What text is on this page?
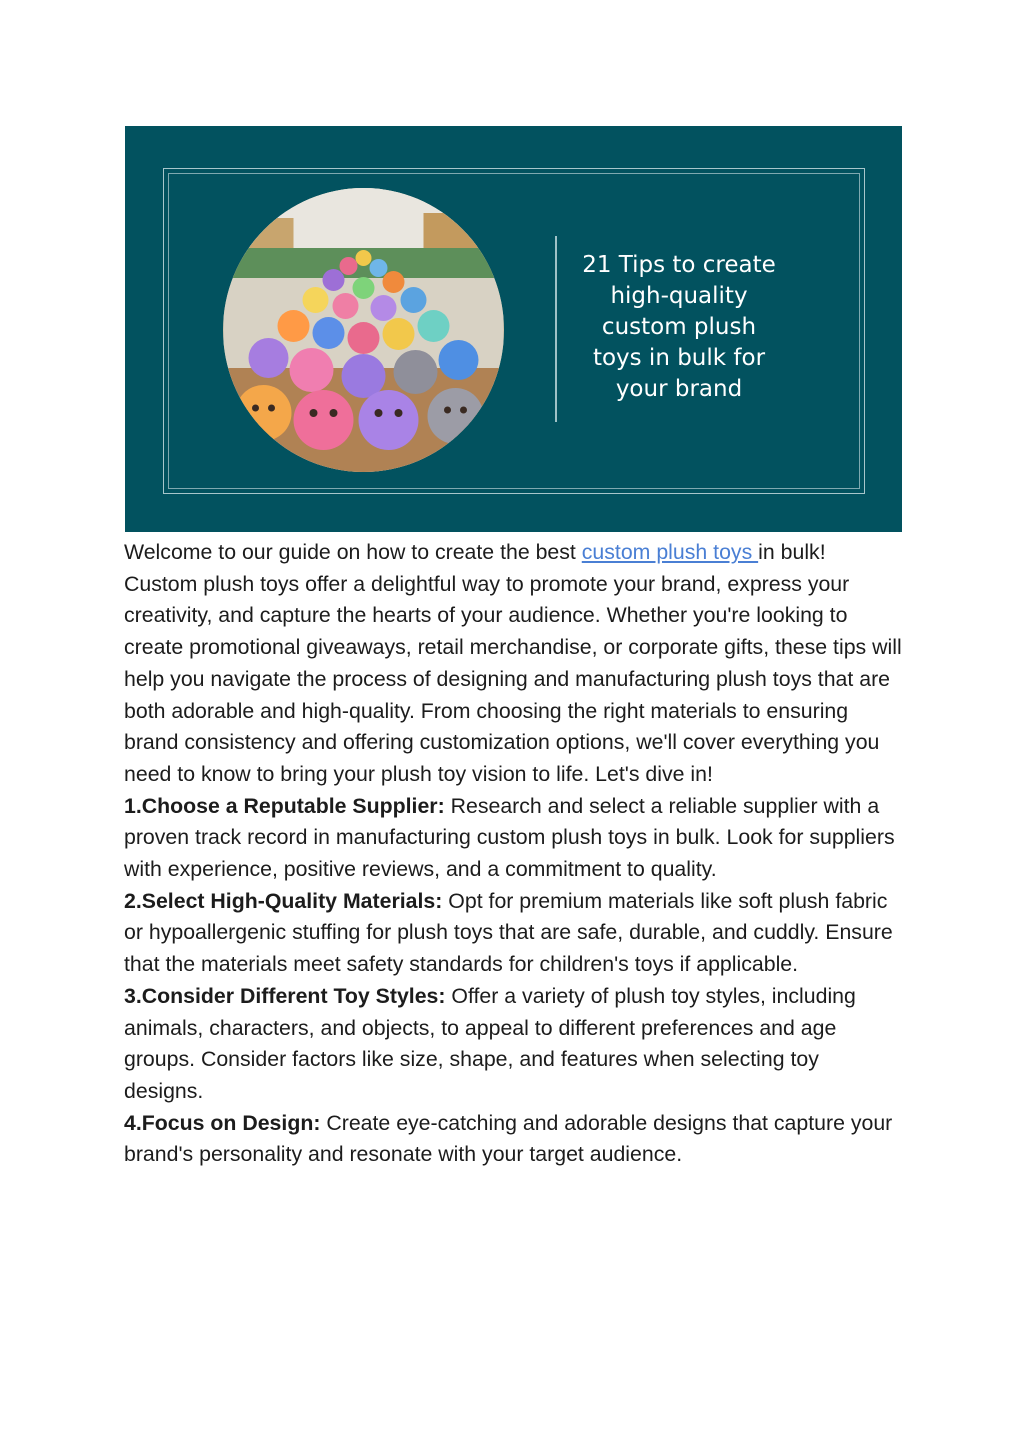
21 Tips to create
high-quality
custom plush
toys in bulk for
your brand

Welcome to our guide on how to create the best custom plush toys in bulk! Custom plush toys offer a delightful way to promote your brand, express your creativity, and capture the hearts of your audience. Whether you're looking to create promotional giveaways, retail merchandise, or corporate gifts, these tips will help you navigate the process of designing and manufacturing plush toys that are both adorable and high-quality. From choosing the right materials to ensuring brand consistency and offering customization options, we'll cover everything you need to know to bring your plush toy vision to life. Let's dive in!

1.Choose a Reputable Supplier: Research and select a reliable supplier with a proven track record in manufacturing custom plush toys in bulk. Look for suppliers with experience, positive reviews, and a commitment to quality.

2.Select High-Quality Materials: Opt for premium materials like soft plush fabric or hypoallergenic stuffing for plush toys that are safe, durable, and cuddly. Ensure that the materials meet safety standards for children's toys if applicable.

3.Consider Different Toy Styles: Offer a variety of plush toy styles, including animals, characters, and objects, to appeal to different preferences and age groups. Consider factors like size, shape, and features when selecting toy designs.

4.Focus on Design: Create eye-catching and adorable designs that capture your brand's personality and resonate with your target audience.
